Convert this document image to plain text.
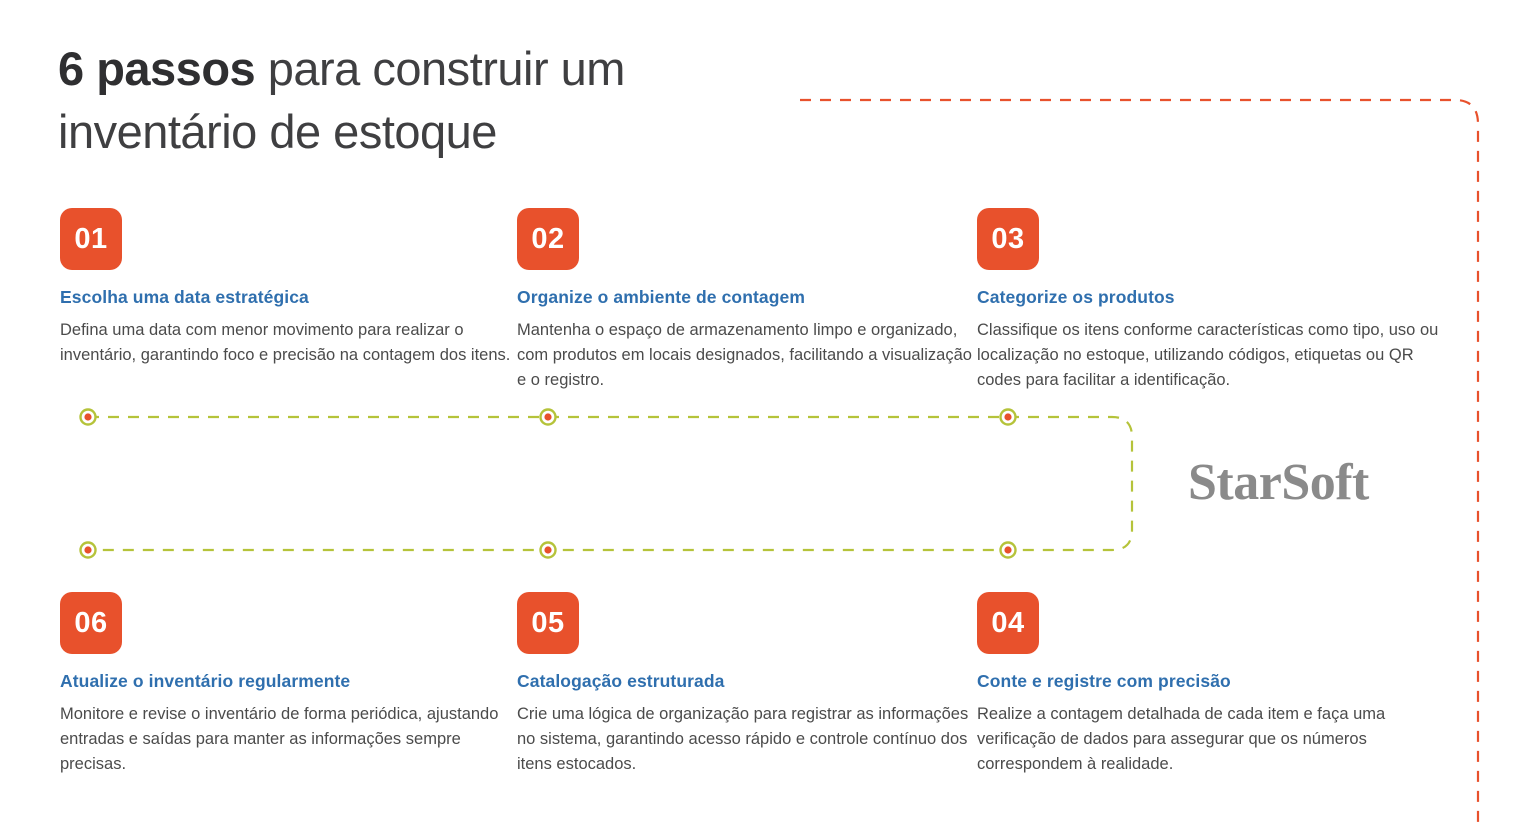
6 passos para construir um inventário de estoque
01
Escolha uma data estratégica
Defina uma data com menor movimento para realizar o inventário, garantindo foco e precisão na contagem dos itens.
02
Organize o ambiente de contagem
Mantenha o espaço de armazenamento limpo e organizado, com produtos em locais designados, facilitando a visualização e o registro.
03
Categorize os produtos
Classifique os itens conforme características como tipo, uso ou localização no estoque, utilizando códigos, etiquetas ou QR codes para facilitar a identificação.
06
Atualize o inventário regularmente
Monitore e revise o inventário de forma periódica, ajustando entradas e saídas para manter as informações sempre precisas.
05
Catalogação estruturada
Crie uma lógica de organização para registrar as informações no sistema, garantindo acesso rápido e controle contínuo dos itens estocados.
04
Conte e registre com precisão
Realize a contagem detalhada de cada item e faça uma verificação de dados para assegurar que os números correspondem à realidade.
StarSoft
